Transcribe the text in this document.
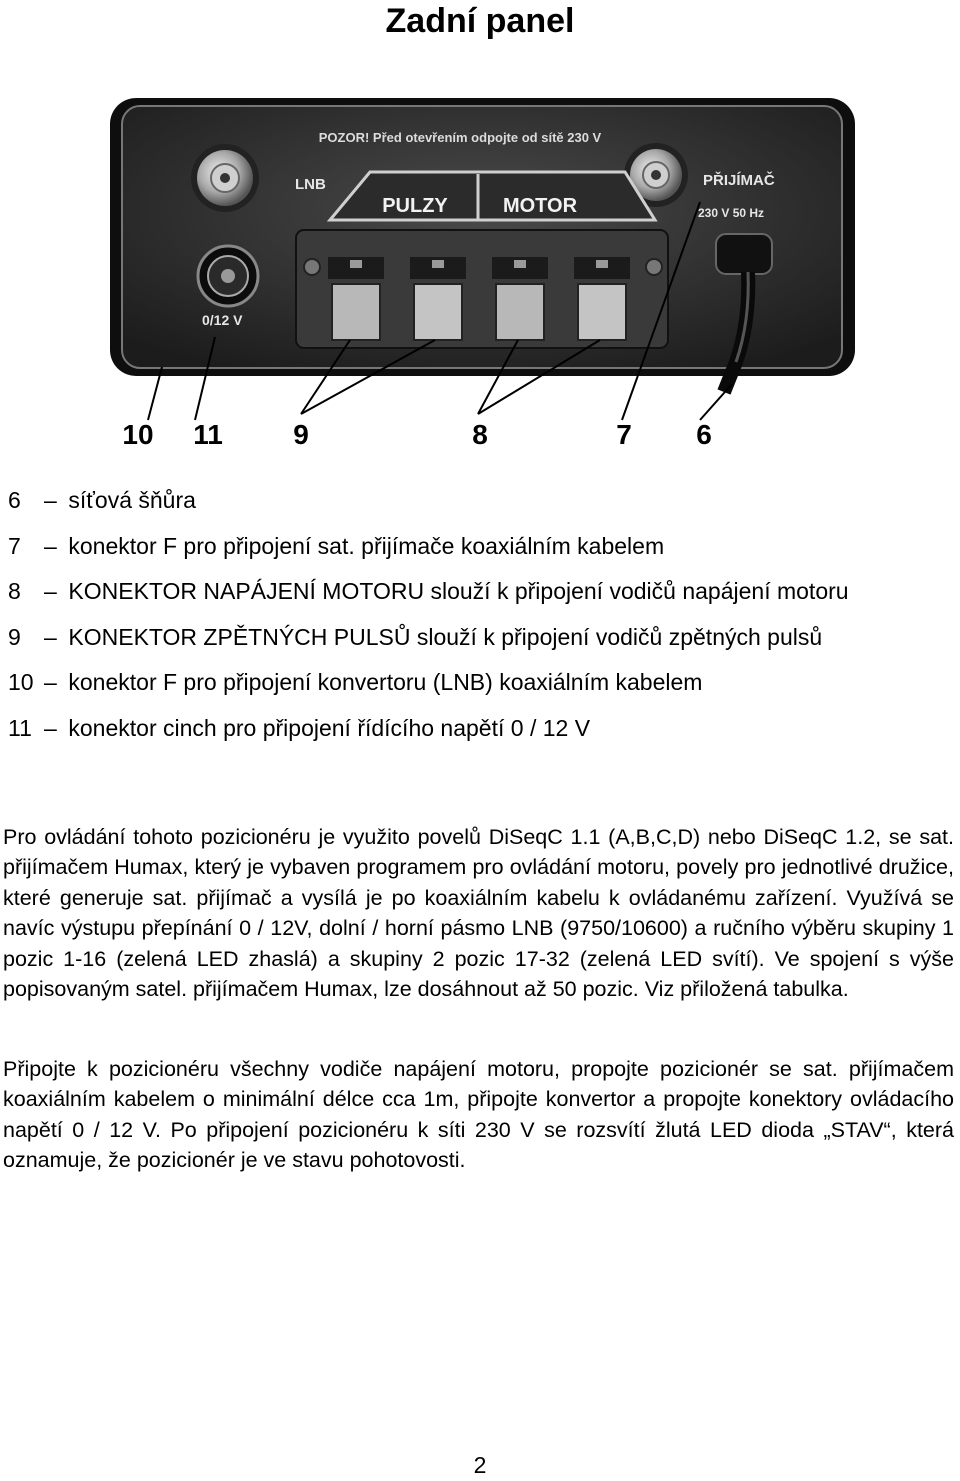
Zadní panel
POZOR! Před otevřením odpojte od sítě 230 V
LNB	PŘIJÍMAČ
230 V 50 Hz
0/12 V
PULZY	MOTOR
10 11	9	8	7 6
6 – síťová šňůra
7 – konektor F pro připojení sat. přijímače koaxiálním kabelem
8 – KONEKTOR NAPÁJENÍ MOTORU slouží k připojení vodičů napájení motoru
9 – KONEKTOR ZPĚTNÝCH PULSŮ slouží k připojení vodičů zpětných pulsů
10 – konektor F pro připojení konvertoru (LNB) koaxiálním kabelem
11 – konektor cinch pro připojení řídícího napětí 0 / 12 V

Pro ovládání tohoto pozicionéru je využito povelů DiSeqC 1.1 (A,B,C,D) nebo DiSeqC 1.2, se sat. přijímačem Humax, který je vybaven programem pro ovládání motoru, povely pro jednotlivé družice, které generuje sat. přijímač a vysílá je po koaxiálním kabelu k ovládanému zařízení. Využívá se navíc výstupu přepínání 0 / 12V, dolní / horní pásmo LNB (9750/10600) a ručního výběru skupiny 1 pozic 1-16 (zelená LED zhaslá) a skupiny 2 pozic 17-32 (zelená LED svítí). Ve spojení s výše popisovaným satel. přijímačem Humax, lze dosáhnout až 50 pozic. Viz přiložená tabulka.

Připojte k pozicionéru všechny vodiče napájení motoru, propojte pozicionér se sat. přijímačem koaxiálním kabelem o minimální délce cca 1m, připojte konvertor a propojte konektory ovládacího napětí 0 / 12 V. Po připojení pozicionéru k síti 230 V se rozsvítí žlutá LED dioda „STAV“, která oznamuje, že pozicionér je ve stavu pohotovosti.

2
